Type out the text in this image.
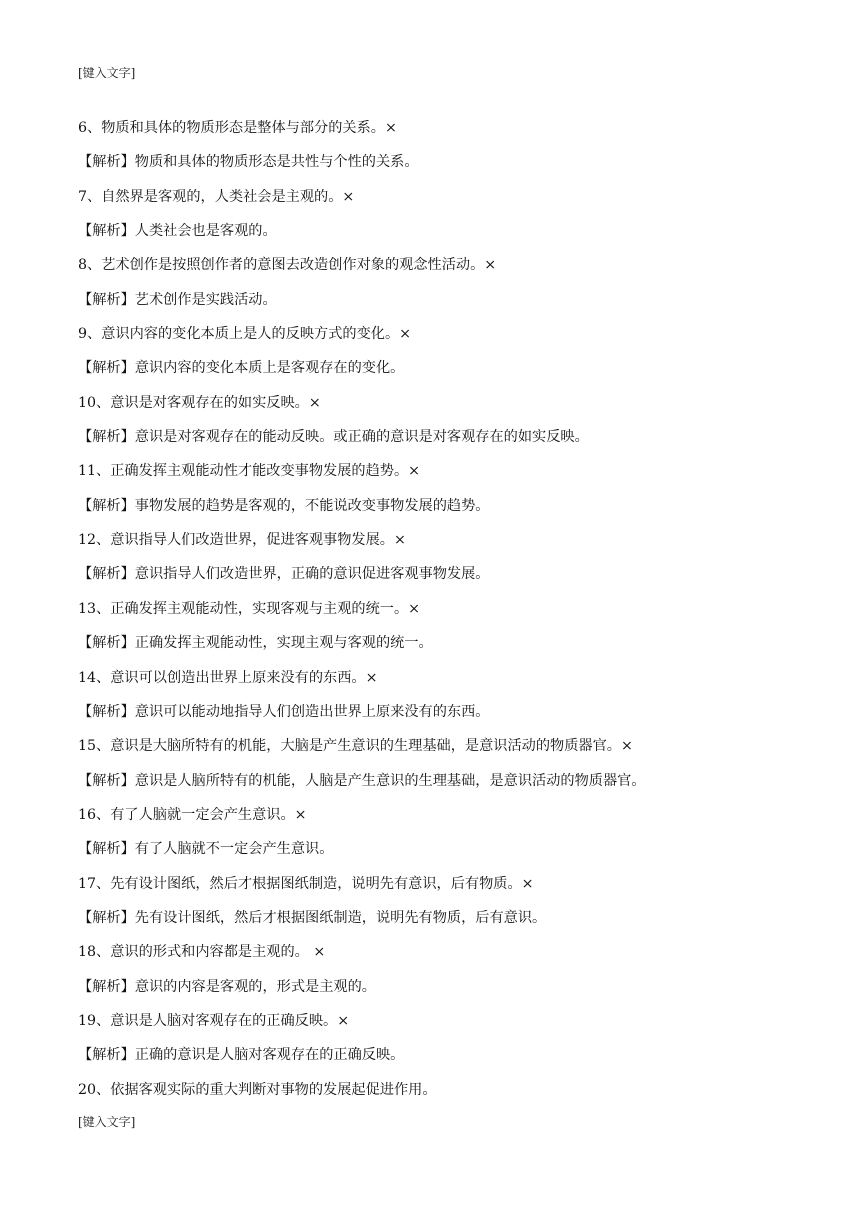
[键入文字]
6、物质和具体的物质形态是整体与部分的关系。×
【解析】物质和具体的物质形态是共性与个性的关系。
7、自然界是客观的，人类社会是主观的。×
【解析】人类社会也是客观的。
8、艺术创作是按照创作者的意图去改造创作对象的观念性活动。×
【解析】艺术创作是实践活动。
9、意识内容的变化本质上是人的反映方式的变化。×
【解析】意识内容的变化本质上是客观存在的变化。
10、意识是对客观存在的如实反映。×
【解析】意识是对客观存在的能动反映。或正确的意识是对客观存在的如实反映。
11、正确发挥主观能动性才能改变事物发展的趋势。×
【解析】事物发展的趋势是客观的，不能说改变事物发展的趋势。
12、意识指导人们改造世界，促进客观事物发展。×
【解析】意识指导人们改造世界，正确的意识促进客观事物发展。
13、正确发挥主观能动性，实现客观与主观的统一。×
【解析】正确发挥主观能动性，实现主观与客观的统一。
14、意识可以创造出世界上原来没有的东西。×
【解析】意识可以能动地指导人们创造出世界上原来没有的东西。
15、意识是大脑所特有的机能，大脑是产生意识的生理基础，是意识活动的物质器官。×
【解析】意识是人脑所特有的机能，人脑是产生意识的生理基础，是意识活动的物质器官。
16、有了人脑就一定会产生意识。×
【解析】有了人脑就不一定会产生意识。
17、先有设计图纸，然后才根据图纸制造，说明先有意识，后有物质。×
【解析】先有设计图纸，然后才根据图纸制造，说明先有物质，后有意识。
18、意识的形式和内容都是主观的。 ×
【解析】意识的内容是客观的，形式是主观的。
19、意识是人脑对客观存在的正确反映。×
【解析】正确的意识是人脑对客观存在的正确反映。
20、依据客观实际的重大判断对事物的发展起促进作用。
[键入文字]
